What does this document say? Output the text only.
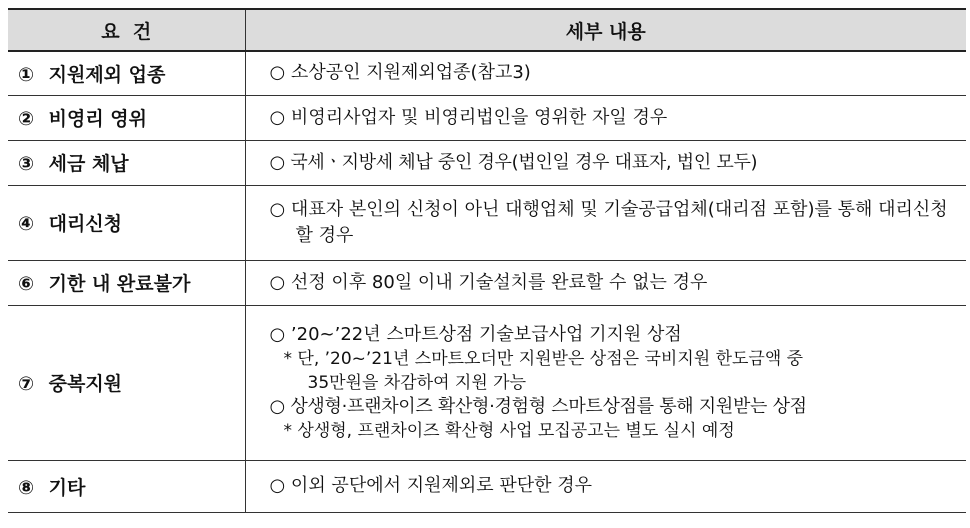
요  건	세부 내용
① 지원제외 업종	○ 소상공인 지원제외업종(참고3)

② 비영리 영위	○ 비영리사업자 및 비영리법인을 영위한 자일 경우

③ 세금 체납	○ 국세ㆍ지방세 체납 중인 경우(법인일 경우 대표자, 법인 모두)

④ 대리신청	○ 대표자 본인의 신청이 아닌 대행업체 및 기술공급업체(대리점 포함)를 통해 대리신청할 경우

⑥ 기한 내 완료불가	○ 선정 이후 80일 이내 기술설치를 완료할 수 없는 경우

⑦ 중복지원	○ ’20~’22년 스마트상점 기술보급사업 기지원 상점
* 단, ’20~’21년 스마트오더만 지원받은 상점은 국비지원 한도금액 중
35만원을 차감하여 지원 가능
○ 상생형·프랜차이즈 확산형·경험형 스마트상점를 통해 지원받는 상점
* 상생형, 프랜차이즈 확산형 사업 모집공고는 별도 실시 예정

⑧ 기타	○ 이외 공단에서 지원제외로 판단한 경우
